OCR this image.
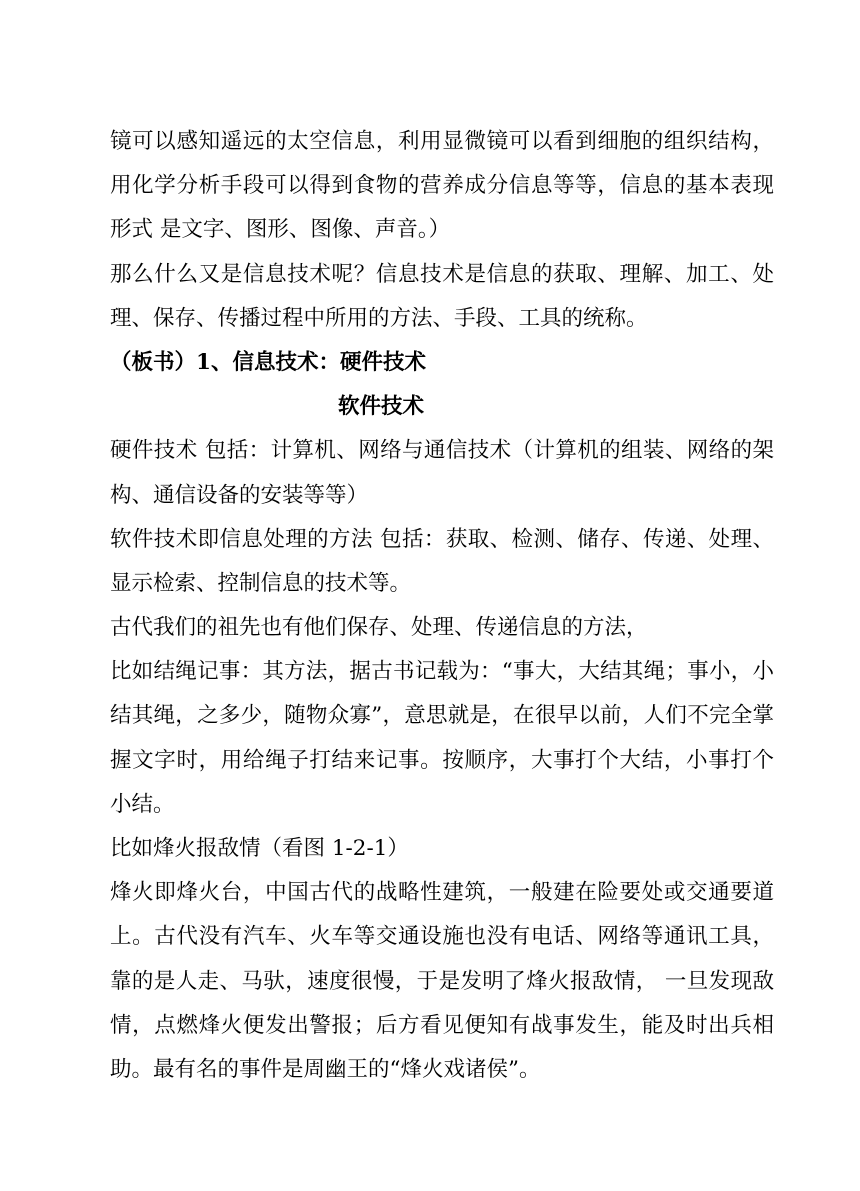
镜可以感知遥远的太空信息，利用显微镜可以看到细胞的组织结构，
用化学分析手段可以得到食物的营养成分信息等等，信息的基本表现
形式 是文字、图形、图像、声音。）
那么什么又是信息技术呢？信息技术是信息的获取、理解、加工、处
理、保存、传播过程中所用的方法、手段、工具的统称。
（板书）1、信息技术：硬件技术
软件技术
硬件技术 包括：计算机、网络与通信技术（计算机的组装、网络的架
构、通信设备的安装等等）
软件技术即信息处理的方法 包括：获取、检测、储存、传递、处理、
显示检索、控制信息的技术等。
古代我们的祖先也有他们保存、处理、传递信息的方法，
比如结绳记事：其方法，据古书记载为：“事大，大结其绳；事小，小
结其绳，之多少，随物众寡”，意思就是，在很早以前，人们不完全掌
握文字时，用给绳子打结来记事。按顺序，大事打个大结，小事打个
小结。
比如烽火报敌情（看图 1-2-1）
烽火即烽火台，中国古代的战略性建筑，一般建在险要处或交通要道
上。古代没有汽车、火车等交通设施也没有电话、网络等通讯工具，
靠的是人走、马驮，速度很慢，于是发明了烽火报敌情， 一旦发现敌
情，点燃烽火便发出警报；后方看见便知有战事发生，能及时出兵相
助。最有名的事件是周幽王的“烽火戏诸侯”。
